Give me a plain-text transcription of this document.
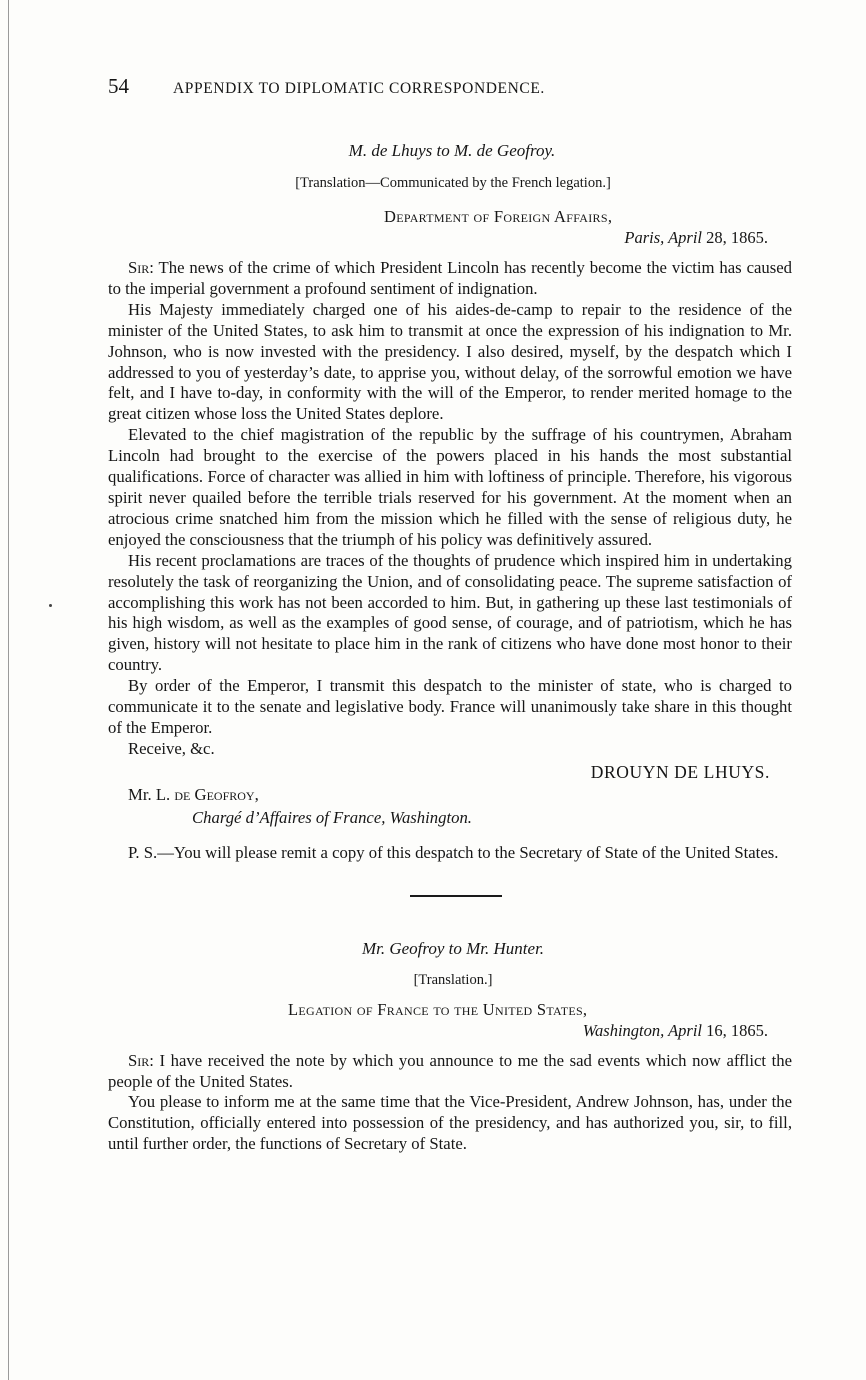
54	APPENDIX TO DIPLOMATIC CORRESPONDENCE.
M. de Lhuys to M. de Geofroy.
[Translation—Communicated by the French legation.]
Department of Foreign Affairs,
Paris, April 28, 1865.

Sir: The news of the crime of which President Lincoln has recently become the victim has caused to the imperial government a profound sentiment of indignation.

His Majesty immediately charged one of his aides-de-camp to repair to the residence of the minister of the United States, to ask him to transmit at once the expression of his indignation to Mr. Johnson, who is now invested with the presidency. I also desired, myself, by the despatch which I addressed to you of yesterday’s date, to apprise you, without delay, of the sorrowful emotion we have felt, and I have to-day, in conformity with the will of the Emperor, to render merited homage to the great citizen whose loss the United States deplore.

Elevated to the chief magistration of the republic by the suffrage of his countrymen, Abraham Lincoln had brought to the exercise of the powers placed in his hands the most substantial qualifications. Force of character was allied in him with loftiness of principle. Therefore, his vigorous spirit never quailed before the terrible trials reserved for his government. At the moment when an atrocious crime snatched him from the mission which he filled with the sense of religious duty, he enjoyed the consciousness that the triumph of his policy was definitively assured.

His recent proclamations are traces of the thoughts of prudence which inspired him in undertaking resolutely the task of reorganizing the Union, and of consolidating peace. The supreme satisfaction of accomplishing this work has not been accorded to him. But, in gathering up these last testimonials of his high wisdom, as well as the examples of good sense, of courage, and of patriotism, which he has given, history will not hesitate to place him in the rank of citizens who have done most honor to their country.

By order of the Emperor, I transmit this despatch to the minister of state, who is charged to communicate it to the senate and legislative body. France will unanimously take share in this thought of the Emperor.

Receive, &c.
DROUYN DE LHUYS.
Mr. L. de Geofroy,
Chargé d’Affaires of France, Washington.

P. S.—You will please remit a copy of this despatch to the Secretary of State of the United States.

Mr. Geofroy to Mr. Hunter.
[Translation.]
Legation of France to the United States,
Washington, April 16, 1865.

Sir: I have received the note by which you announce to me the sad events which now afflict the people of the United States.

You please to inform me at the same time that the Vice-President, Andrew Johnson, has, under the Constitution, officially entered into possession of the presidency, and has authorized you, sir, to fill, until further order, the functions of Secretary of State.
